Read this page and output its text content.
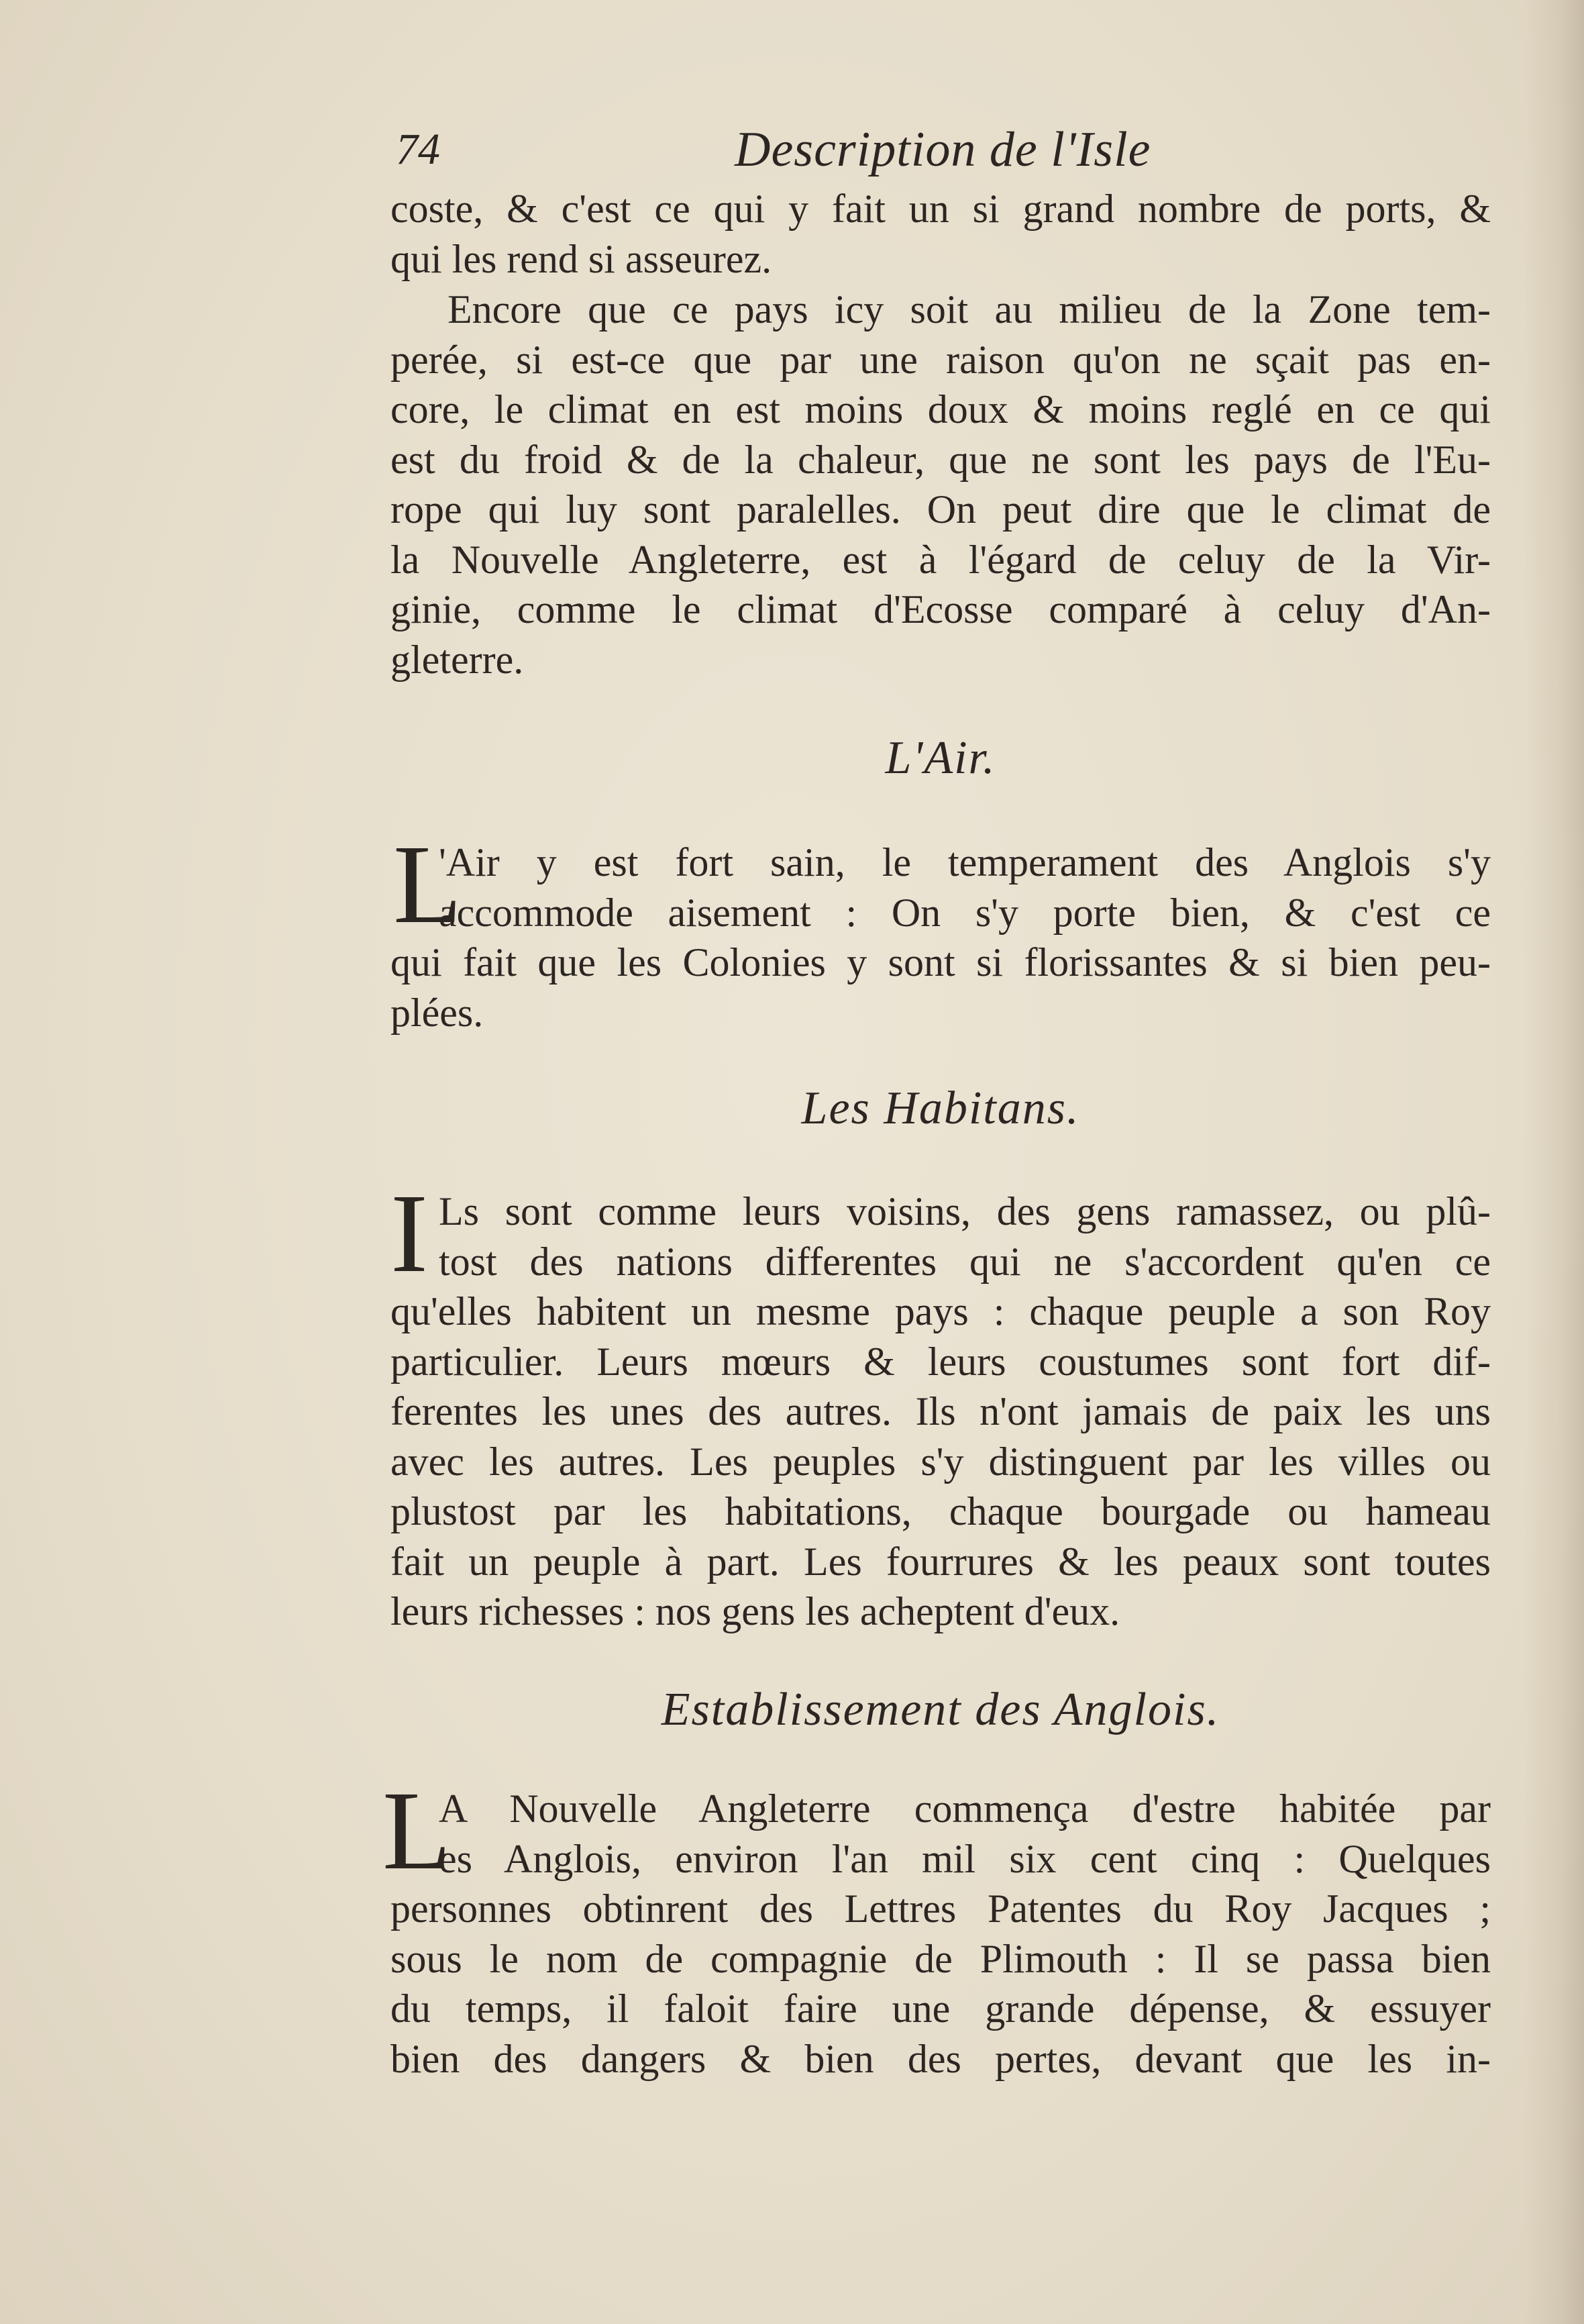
74	Description de l'Isle
coste, & c'est ce qui y fait un si grand nombre de ports, &
qui les rend si asseurez.
Encore que ce pays icy soit au milieu de la Zone tem-
perée, si est-ce que par une raison qu'on ne sçait pas en-
core, le climat en est moins doux & moins reglé en ce qui
est du froid & de la chaleur, que ne sont les pays de l'Eu-
rope qui luy sont paralelles. On peut dire que le climat de
la Nouvelle Angleterre, est à l'égard de celuy de la Vir-
ginie, comme le climat d'Ecosse comparé à celuy d'An-
gleterre.
L'Air.
L
'Air y est fort sain, le temperament des Anglois s'y
accommode aisement : On s'y porte bien, & c'est ce
qui fait que les Colonies y sont si florissantes & si bien peu-
plées.
Les Habitans.
I Ls sont comme leurs voisins, des gens ramassez, ou plû-
tost des nations differentes qui ne s'accordent qu'en ce
qu'elles habitent un mesme pays : chaque peuple a son Roy
particulier. Leurs mœurs & leurs coustumes sont fort dif-
ferentes les unes des autres. Ils n'ont jamais de paix les uns
avec les autres. Les peuples s'y distinguent par les villes ou
plustost par les habitations, chaque bourgade ou hameau
fait un peuple à part. Les fourrures & les peaux sont toutes
leurs richesses : nos gens les acheptent d'eux.
Establissement des Anglois.
L
A Nouvelle Angleterre commença d'estre habitée par
es Anglois, environ l'an mil six cent cinq : Quelques
personnes obtinrent des Lettres Patentes du Roy Jacques ;
sous le nom de compagnie de Plimouth : Il se passa bien
du temps, il faloit faire une grande dépense, & essuyer
bien des dangers & bien des pertes, devant que les in-
